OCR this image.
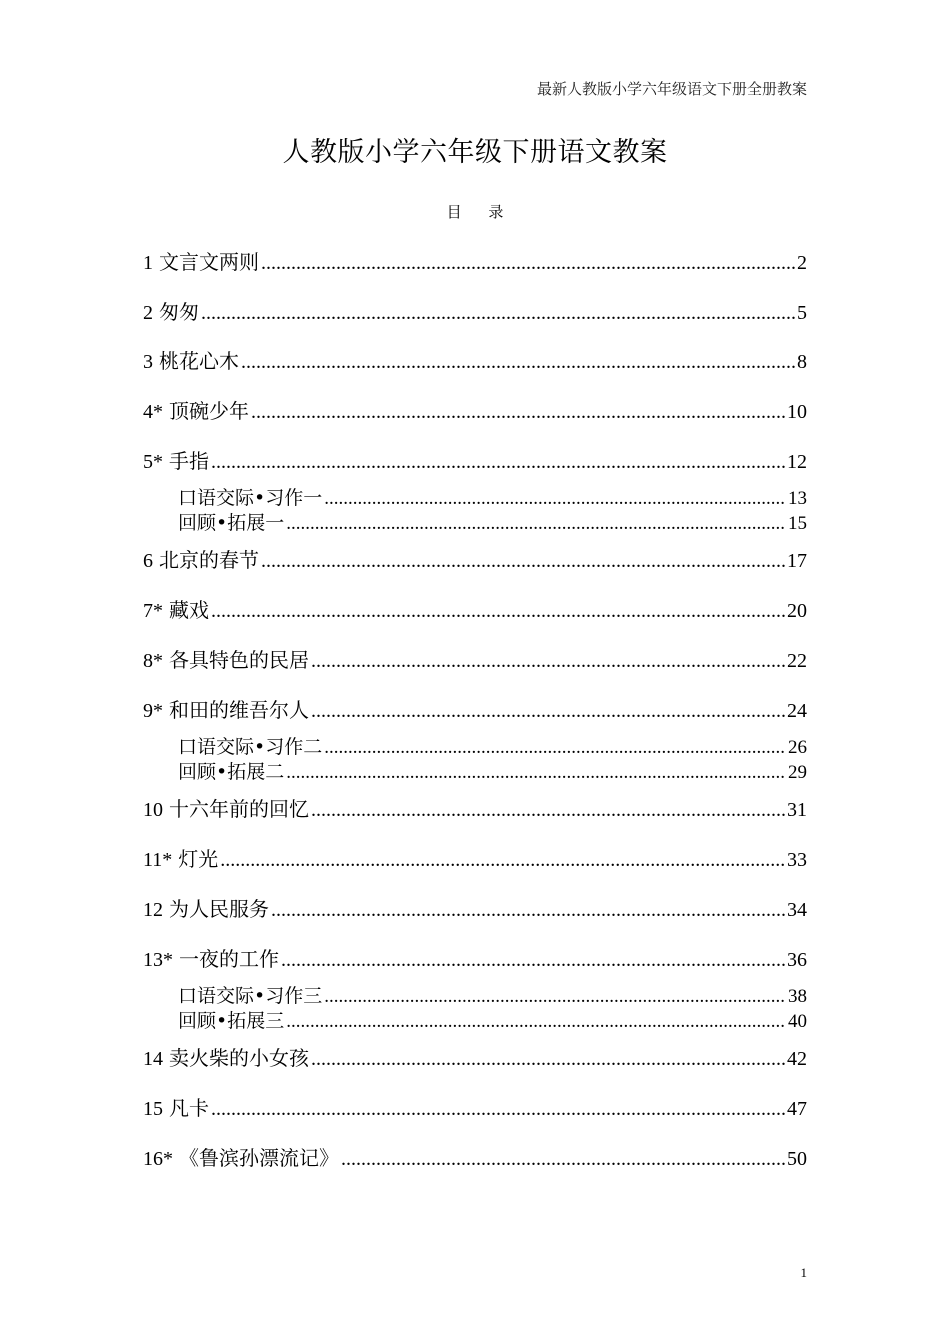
最新人教版小学六年级语文下册全册教案
人教版小学六年级下册语文教案
目 录
1 文言文两则 .....	2
2 匆匆 .....	5
3 桃花心木 .....	8
4* 顶碗少年 .....	10
5* 手指 .....	12
口语交际•习作一 .....	13
回顾•拓展一 .....	15
6 北京的春节 .....	17
7* 藏戏 .....	20
8* 各具特色的民居 .....	22
9* 和田的维吾尔人 .....	24
口语交际•习作二 .....	26
回顾•拓展二 .....	29
10 十六年前的回忆 .....	31
11* 灯光 .....	33
12 为人民服务 .....	34
13* 一夜的工作 .....	36
口语交际•习作三 .....	38
回顾•拓展三 .....	40
14 卖火柴的小女孩 .....	42
15 凡卡 .....	47
16* 《鲁滨孙漂流记》 .....	50
1
